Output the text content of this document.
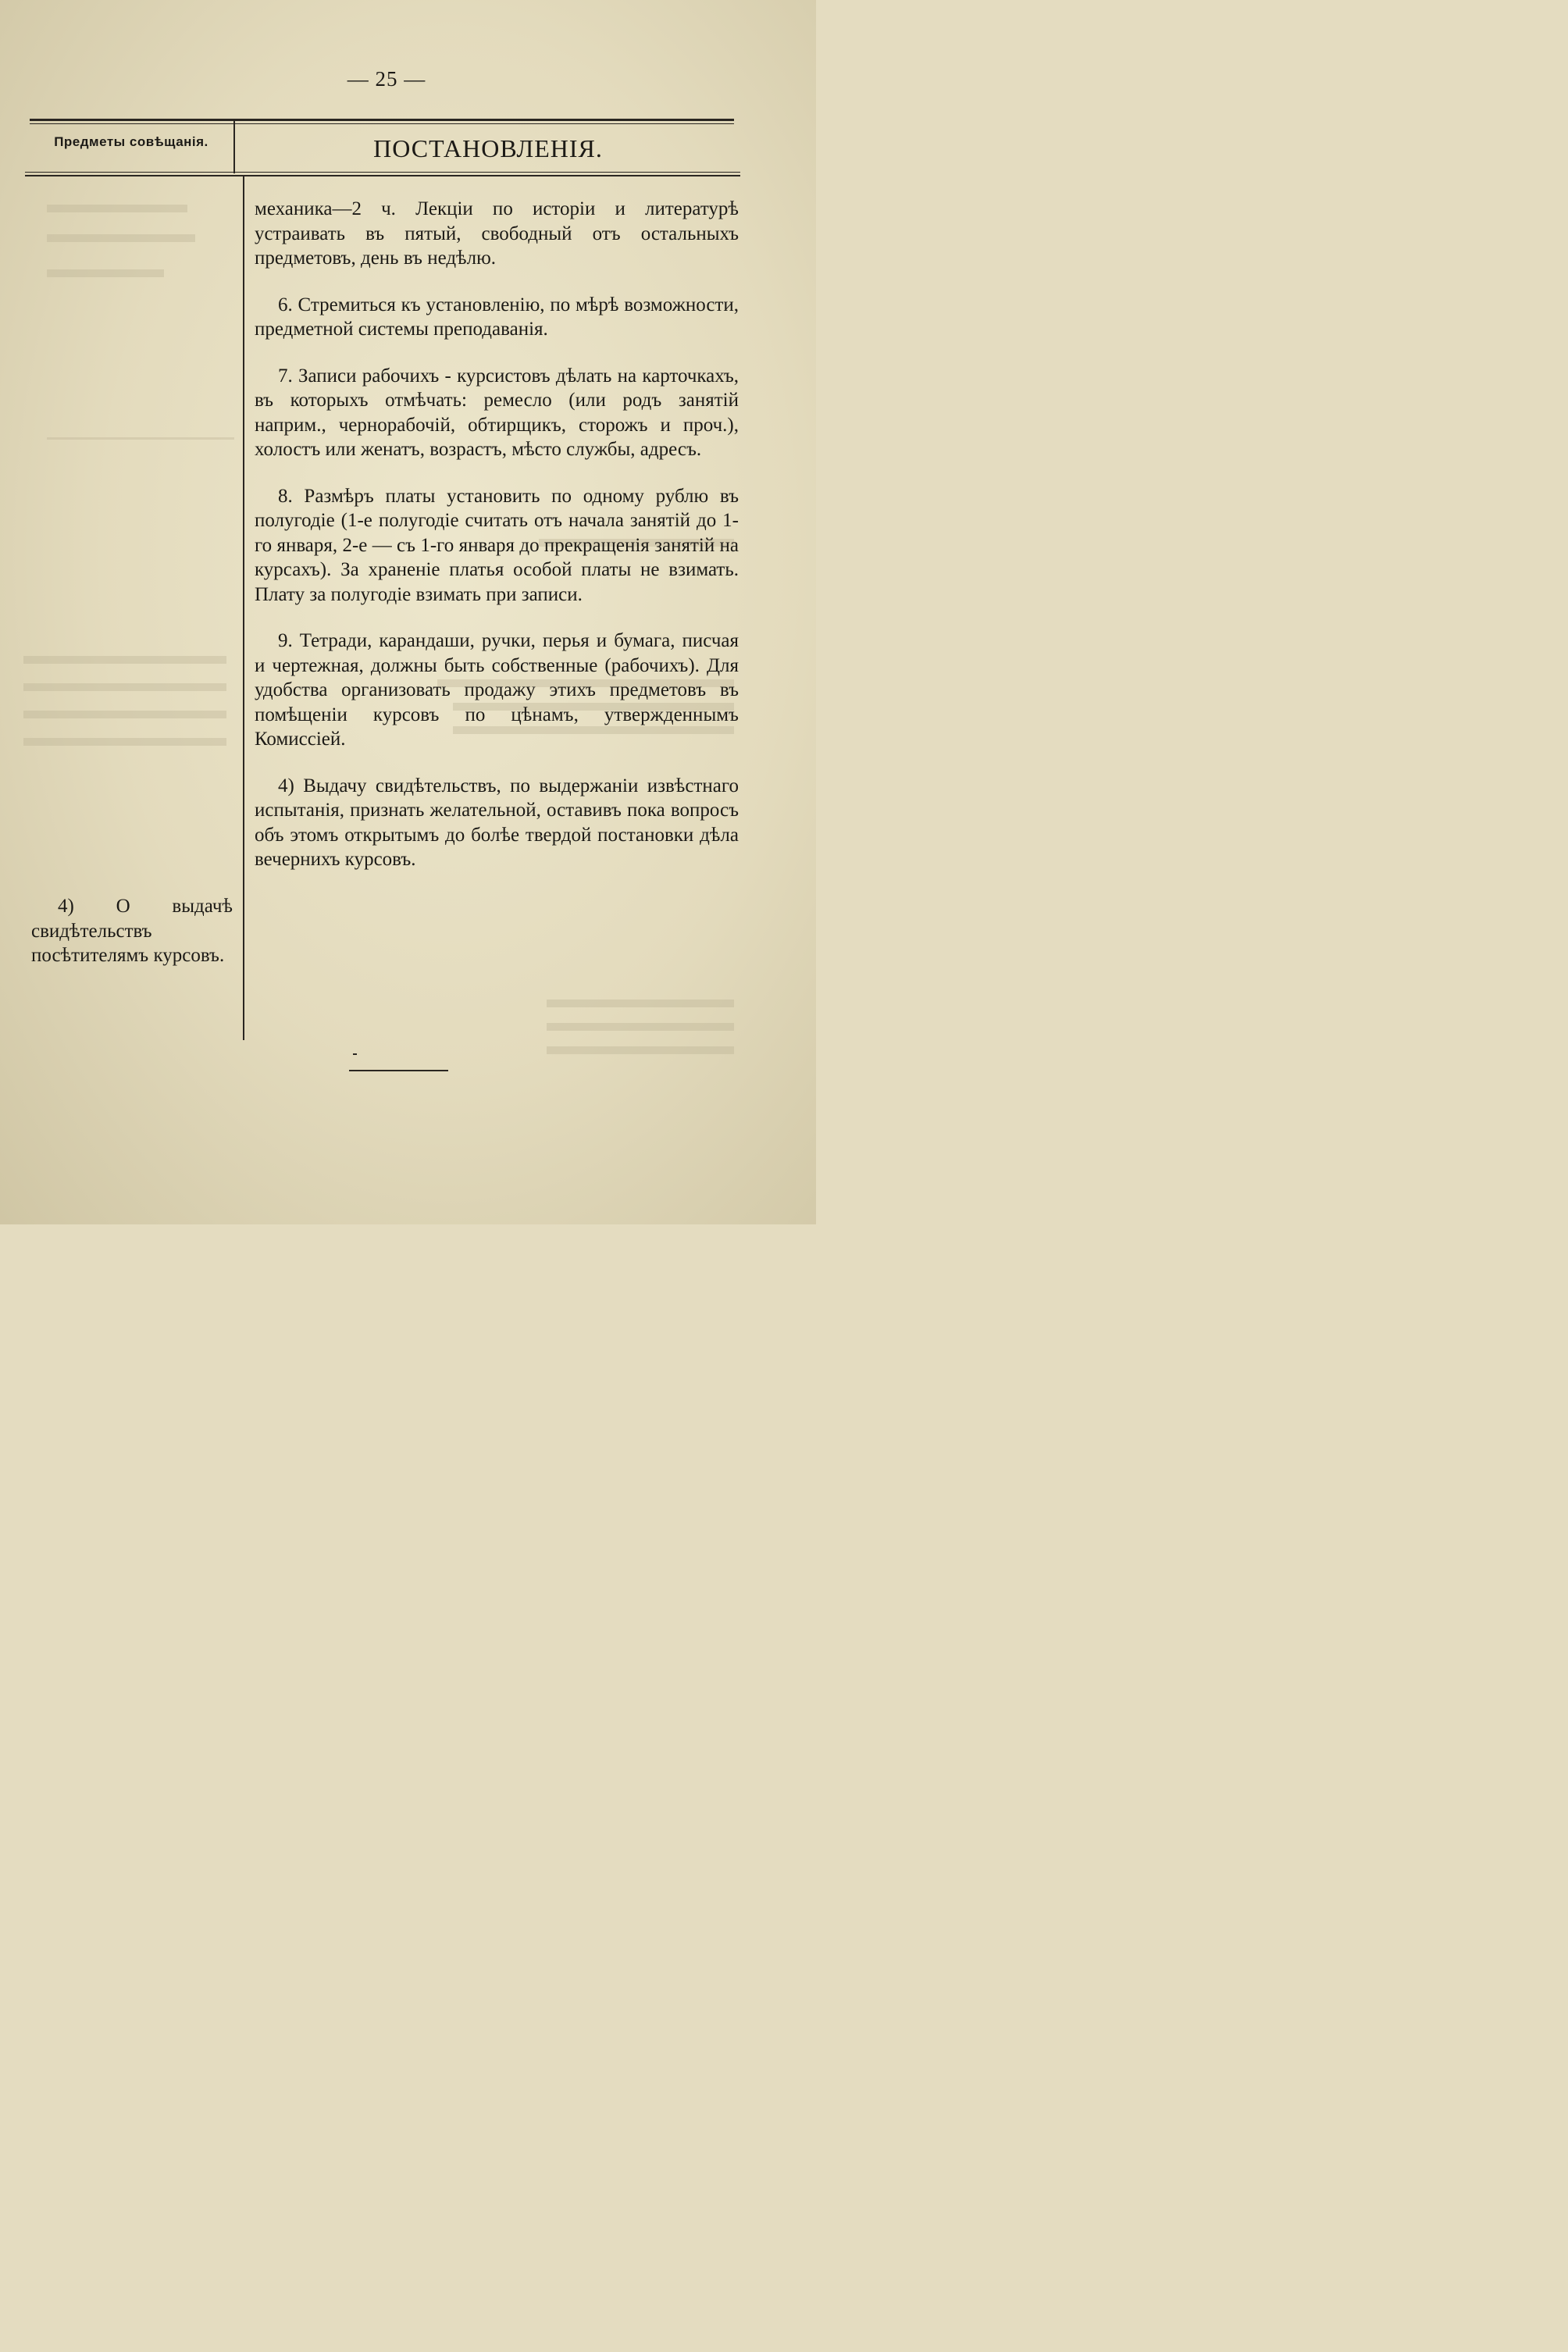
— 25 —
Предметы совѣщанія.	ПОСТАНОВЛЕНІЯ.

механика—2 ч. Лекціи по исторіи и литературѣ устраивать въ пятый, свободный отъ остальныхъ предметовъ, день въ недѣлю.

6. Стремиться къ установленію, по мѣрѣ возможности, предметной системы преподаванія.

7. Записи рабочихъ - курсистовъ дѣлать на карточкахъ, въ которыхъ отмѣчать: ремесло (или родъ занятій наприм., чернорабочій, обтирщикъ, сторожъ и проч.), холостъ или женатъ, возрастъ, мѣсто службы, адресъ.

8. Размѣръ платы установить по одному рублю въ полугодіе (1-е полугодіе считать отъ начала занятій до 1-го января, 2-е — съ 1-го января до прекращенія занятій на курсахъ). За храненіе платья особой платы не взимать. Плату за полугодіе взимать при записи.

9. Тетради, карандаши, ручки, перья и бумага, писчая и чертежная, должны быть собственные (рабочихъ). Для удобства организовать продажу этихъ предметовъ въ помѣщеніи курсовъ по цѣнамъ, утвержденнымъ Комиссіей.

4) Выдачу свидѣтельствъ, по выдержаніи извѣстнаго испытанія, признать желательной, оставивъ пока вопросъ объ этомъ открытымъ до болѣе твердой постановки дѣла вечернихъ курсовъ.

4) О выдачѣ свидѣтельствъ посѣтителямъ курсовъ.
